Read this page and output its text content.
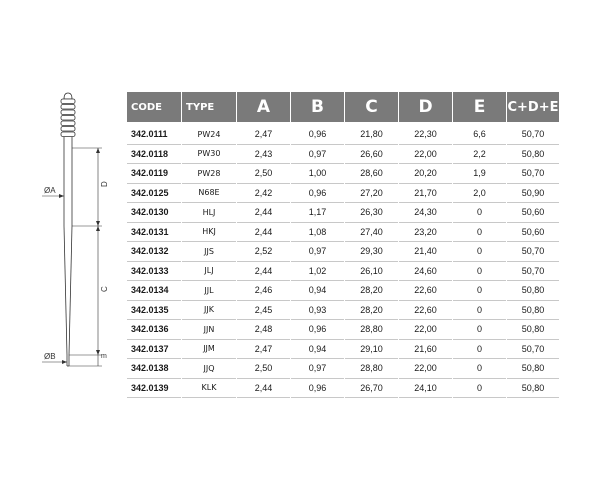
ØA
ØB
D
C
m
CODE	TYPE	A	B	C	D	E	C+D+E
342.0111	PW24	2,47	0,96	21,80	22,30	6,6	50,70
342.0118	PW30	2,43	0,97	26,60	22,00	2,2	50,80
342.0119	PW28	2,50	1,00	28,60	20,20	1,9	50,70
342.0125	N68E	2,42	0,96	27,20	21,70	2,0	50,90
342.0130	HLJ	2,44	1,17	26,30	24,30	0	50,60
342.0131	HKJ	2,44	1,08	27,40	23,20	0	50,60
342.0132	JJS	2,52	0,97	29,30	21,40	0	50,70
342.0133	JLJ	2,44	1,02	26,10	24,60	0	50,70
342.0134	JJL	2,46	0,94	28,20	22,60	0	50,80
342.0135	JJK	2,45	0,93	28,20	22,60	0	50,80
342.0136	JJN	2,48	0,96	28,80	22,00	0	50,80
342.0137	JJM	2,47	0,94	29,10	21,60	0	50,70
342.0138	JJQ	2,50	0,97	28,80	22,00	0	50,80
342.0139	KLK	2,44	0,96	26,70	24,10	0	50,80
